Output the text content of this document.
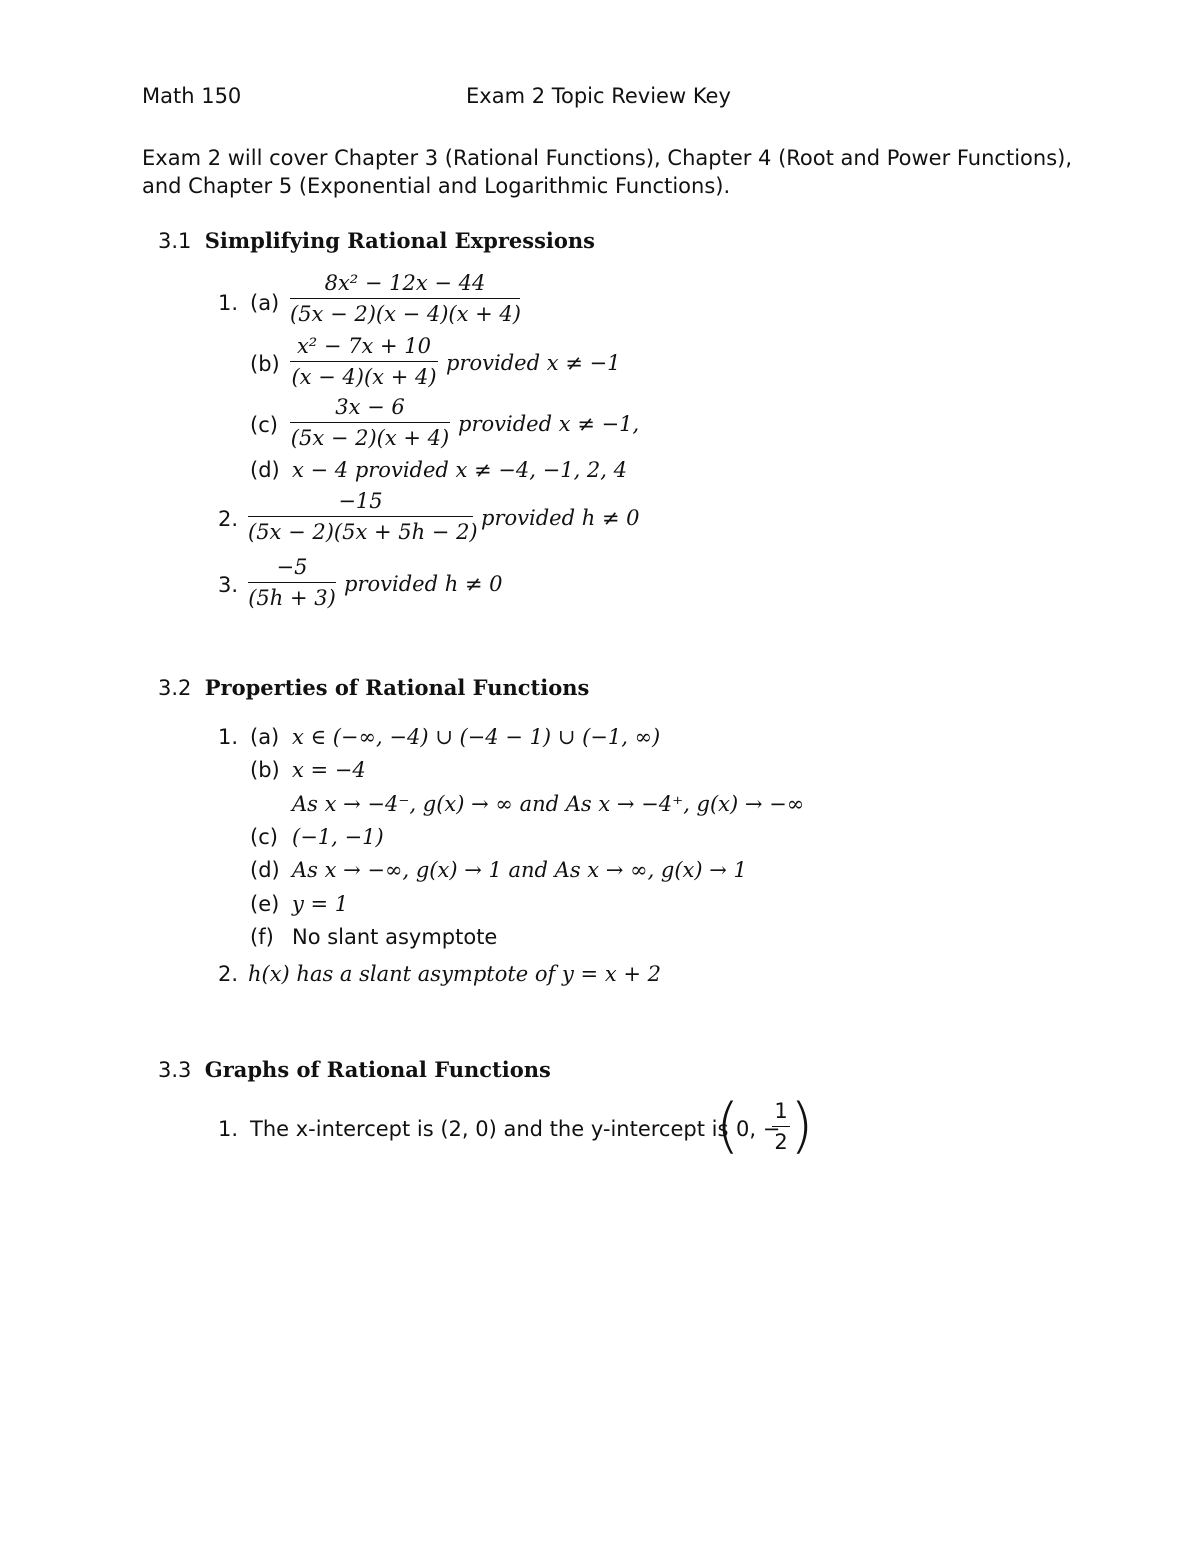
Math 150	Exam 2 Topic Review Key
Exam 2 will cover Chapter 3 (Rational Functions), Chapter 4 (Root and Power Functions),
and Chapter 5 (Exponential and Logarithmic Functions).
3.1 Simplifying Rational Expressions
1. (a)
8x² − 12x − 44
(5x − 2)(x − 4)(x + 4)
(b)
x² − 7x + 10
(x − 4)(x + 4)
provided x ≠ −1
(c)
3x − 6
(5x − 2)(x + 4)
provided x ≠ −1,
(d) x − 4 provided x ≠ −4, −1, 2, 4
2.
−15
(5x − 2)(5x + 5h − 2)
provided h ≠ 0
3.
−5
(5h + 3)
provided h ≠ 0
3.2 Properties of Rational Functions
1. (a) x ∈ (−∞, −4) ∪ (−4 − 1) ∪ (−1, ∞)
(b) x = −4
As x → −4⁻, g(x) → ∞ and As x → −4⁺, g(x) → −∞
(c) (−1, −1)
(d) As x → −∞, g(x) → 1 and As x → ∞, g(x) → 1
(e) y = 1
(f) No slant asymptote
2. h(x) has a slant asymptote of y = x + 2
3.3 Graphs of Rational Functions
1. The x-intercept is (2, 0) and the y-intercept is
(
0, −
1
2 )
